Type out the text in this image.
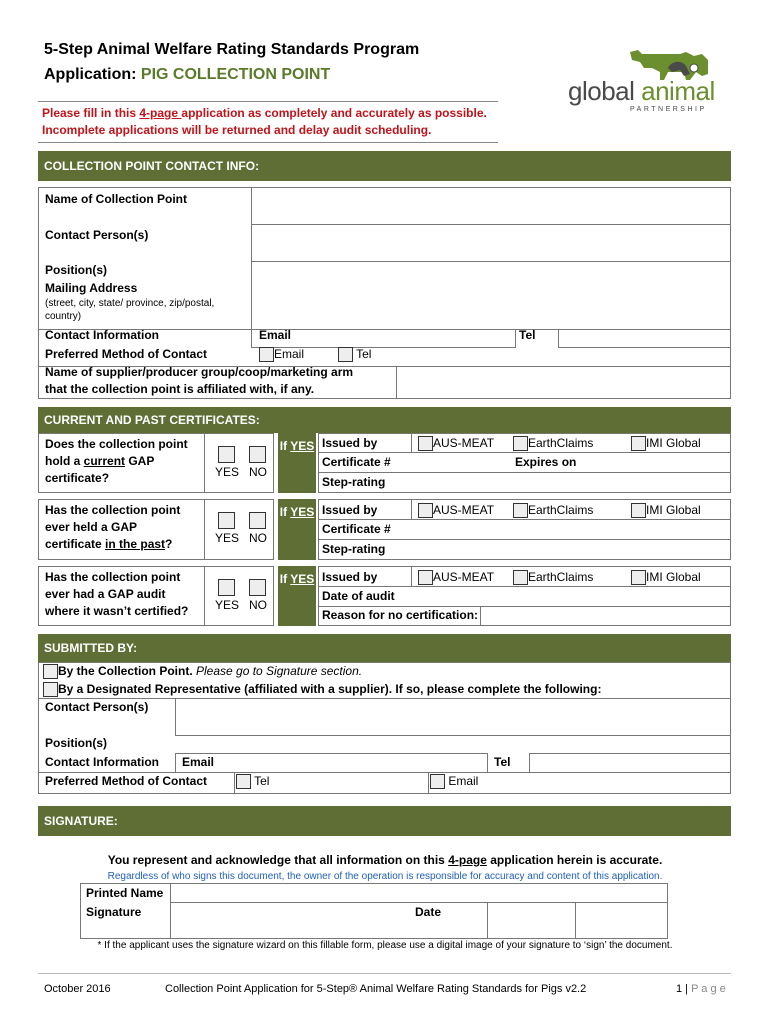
5-Step Animal Welfare Rating Standards Program
Application: PIG COLLECTION POINT
Please fill in this 4-page application as completely and accurately as possible.
Incomplete applications will be returned and delay audit scheduling.
global animal
PARTNERSHIP
COLLECTION POINT CONTACT INFO:
Name of Collection Point
Contact Person(s)
Position(s)
Mailing Address
(street, city, state/ province, zip/postal, country)
Contact Information	Email	Tel
Preferred Method of Contact	Email	Tel
Name of supplier/producer group/coop/marketing arm
that the collection point is affiliated with, if any.
CURRENT AND PAST CERTIFICATES:
Does the collection point
hold a current GAP
certificate?	YES NO
If YES Issued by	AUS-MEAT	EarthClaims	IMI Global
Certificate #	Expires on
Step-rating
Has the collection point
ever held a GAP
certificate in the past?	YES NO
If YES Issued by	AUS-MEAT	EarthClaims	IMI Global
Certificate #
Step-rating
Has the collection point
ever had a GAP audit
where it wasn’t certified? YES NO
If YES Issued by	AUS-MEAT	EarthClaims	IMI Global
Date of audit
Reason for no certification:
SUBMITTED BY:
By the Collection Point. Please go to Signature section.
By a Designated Representative (affiliated with a supplier). If so, please complete the following:
Contact Person(s)
Position(s)
Contact Information Email	Tel
Preferred Method of Contact	Tel	Email
SIGNATURE:
You represent and acknowledge that all information on this 4-page application herein is accurate.
Regardless of who signs this document, the owner of the operation is responsible for accuracy and content of this application.
Printed Name
Signature	Date
* If the applicant uses the signature wizard on this fillable form, please use a digital image of your signature to ‘sign’ the document.
October 2016	Collection Point Application for 5-Step® Animal Welfare Rating Standards for Pigs v2.2	1 | P a g e
